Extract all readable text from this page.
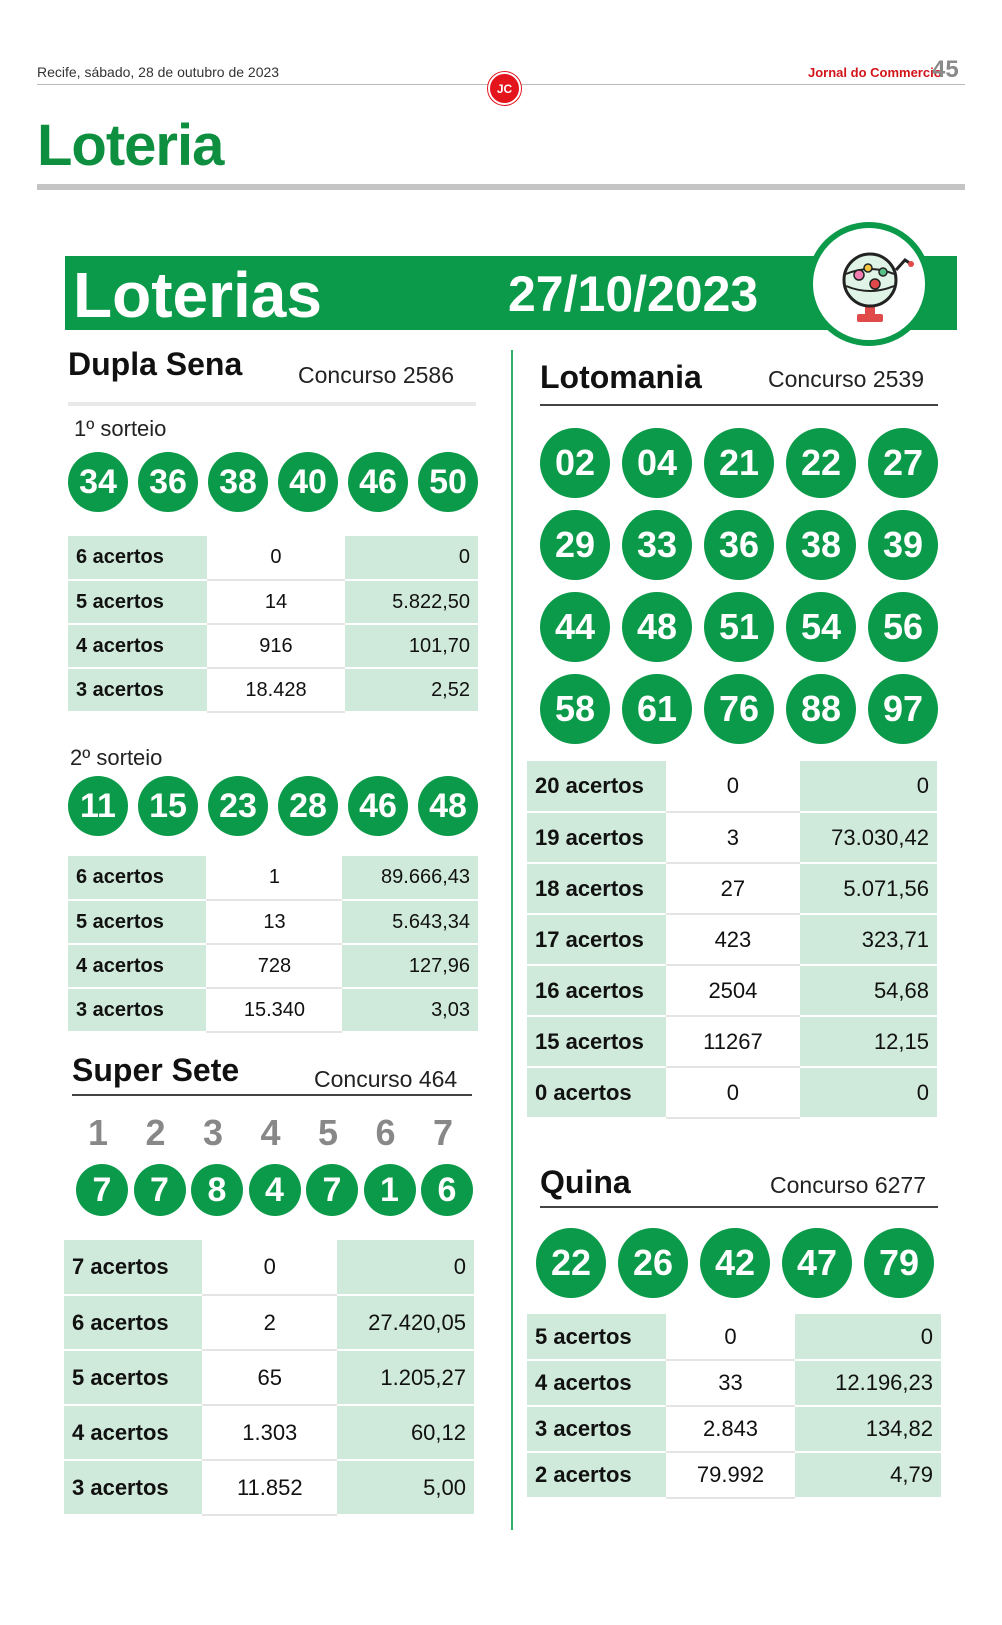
Recife, sábado, 28 de outubro de 2023
JC
Jornal do Commercio
45
Loteria
Loterias	27/10/2023
Dupla Sena Concurso 2586
1º sorteio
34 36 38 40 46 50
6 acertos	0	0
5 acertos	14	5.822,50
4 acertos	916	101,70
3 acertos	18.428	2,52
2º sorteio
11 15 23 28 46 48
6 acertos	1	89.666,43
5 acertos	13	5.643,34
4 acertos	728	127,96
3 acertos	15.340	3,03
Super Sete	Concurso 464
1 2 3 4 5 6 7
7	7	8	4	7	1	6
7 acertos	0	0
6 acertos	2	27.420,05
5 acertos	65	1.205,27
4 acertos	1.303	60,12
3 acertos	11.852	5,00
Lotomania	Concurso 2539
02	04	21	22	27
29	33	36	38	39
44	48	51	54	56
58	61	76	88	97
20 acertos	0	0
19 acertos	3	73.030,42
18 acertos	27	5.071,56
17 acertos	423	323,71
16 acertos	2504	54,68
15 acertos	11267	12,15
0 acertos	0	0
Quina	Concurso 6277
22	26	42	47	79
5 acertos	0	0
4 acertos	33	12.196,23
3 acertos	2.843	134,82
2 acertos	79.992	4,79
